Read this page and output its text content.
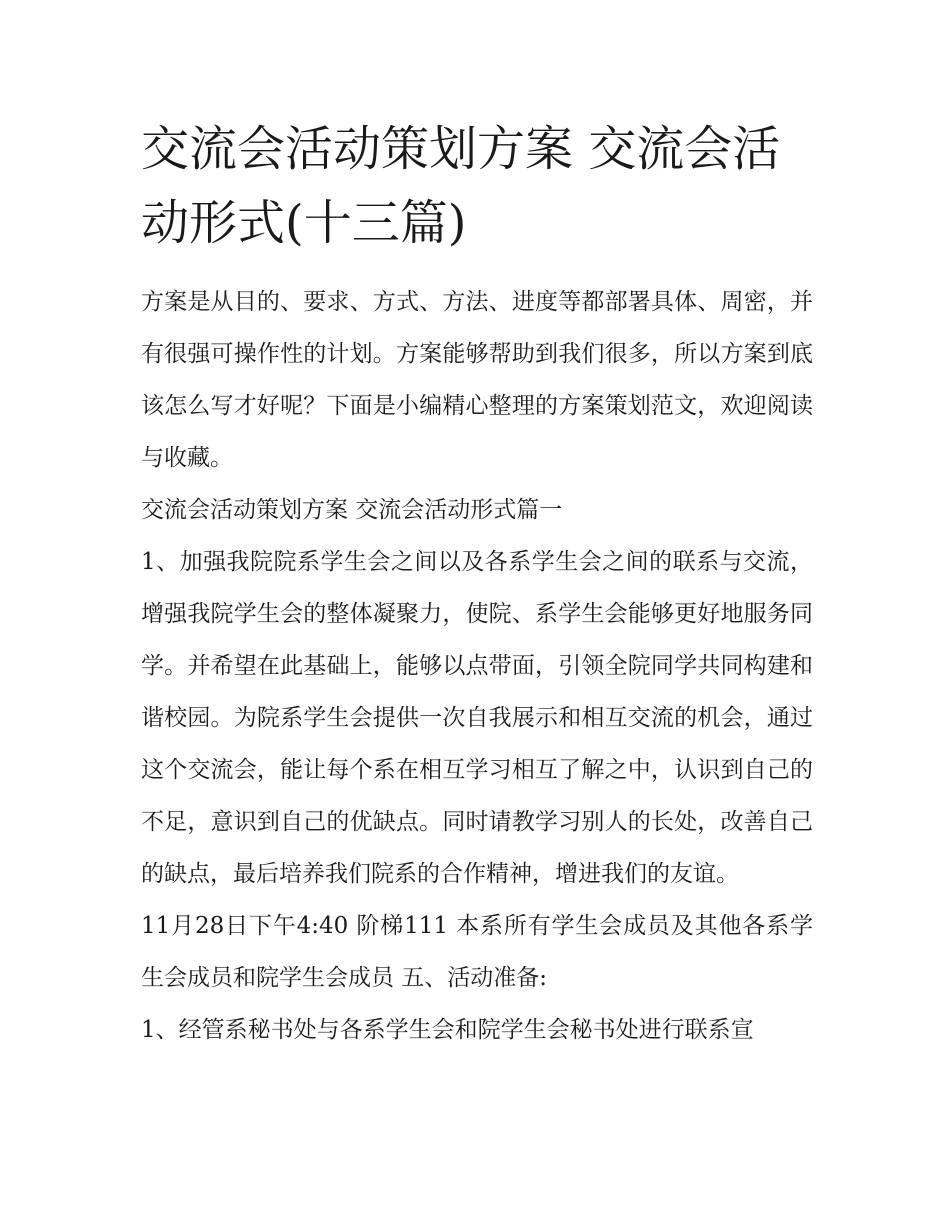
交流会活动策划方案 交流会活动形式(十三篇)

方案是从目的、要求、方式、方法、进度等都部署具体、周密，并有很强可操作性的计划。方案能够帮助到我们很多，所以方案到底该怎么写才好呢？下面是小编精心整理的方案策划范文，欢迎阅读与收藏。

交流会活动策划方案 交流会活动形式篇一

1、加强我院院系学生会之间以及各系学生会之间的联系与交流，增强我院学生会的整体凝聚力，使院、系学生会能够更好地服务同学。并希望在此基础上，能够以点带面，引领全院同学共同构建和谐校园。为院系学生会提供一次自我展示和相互交流的机会，通过这个交流会，能让每个系在相互学习相互了解之中，认识到自己的不足，意识到自己的优缺点。同时请教学习别人的长处，改善自己的缺点，最后培养我们院系的合作精神，增进我们的友谊。

11月28日下午4:40 阶梯111 本系所有学生会成员及其他各系学生会成员和院学生会成员 五、活动准备:

1、经管系秘书处与各系学生会和院学生会秘书处进行联系宣
